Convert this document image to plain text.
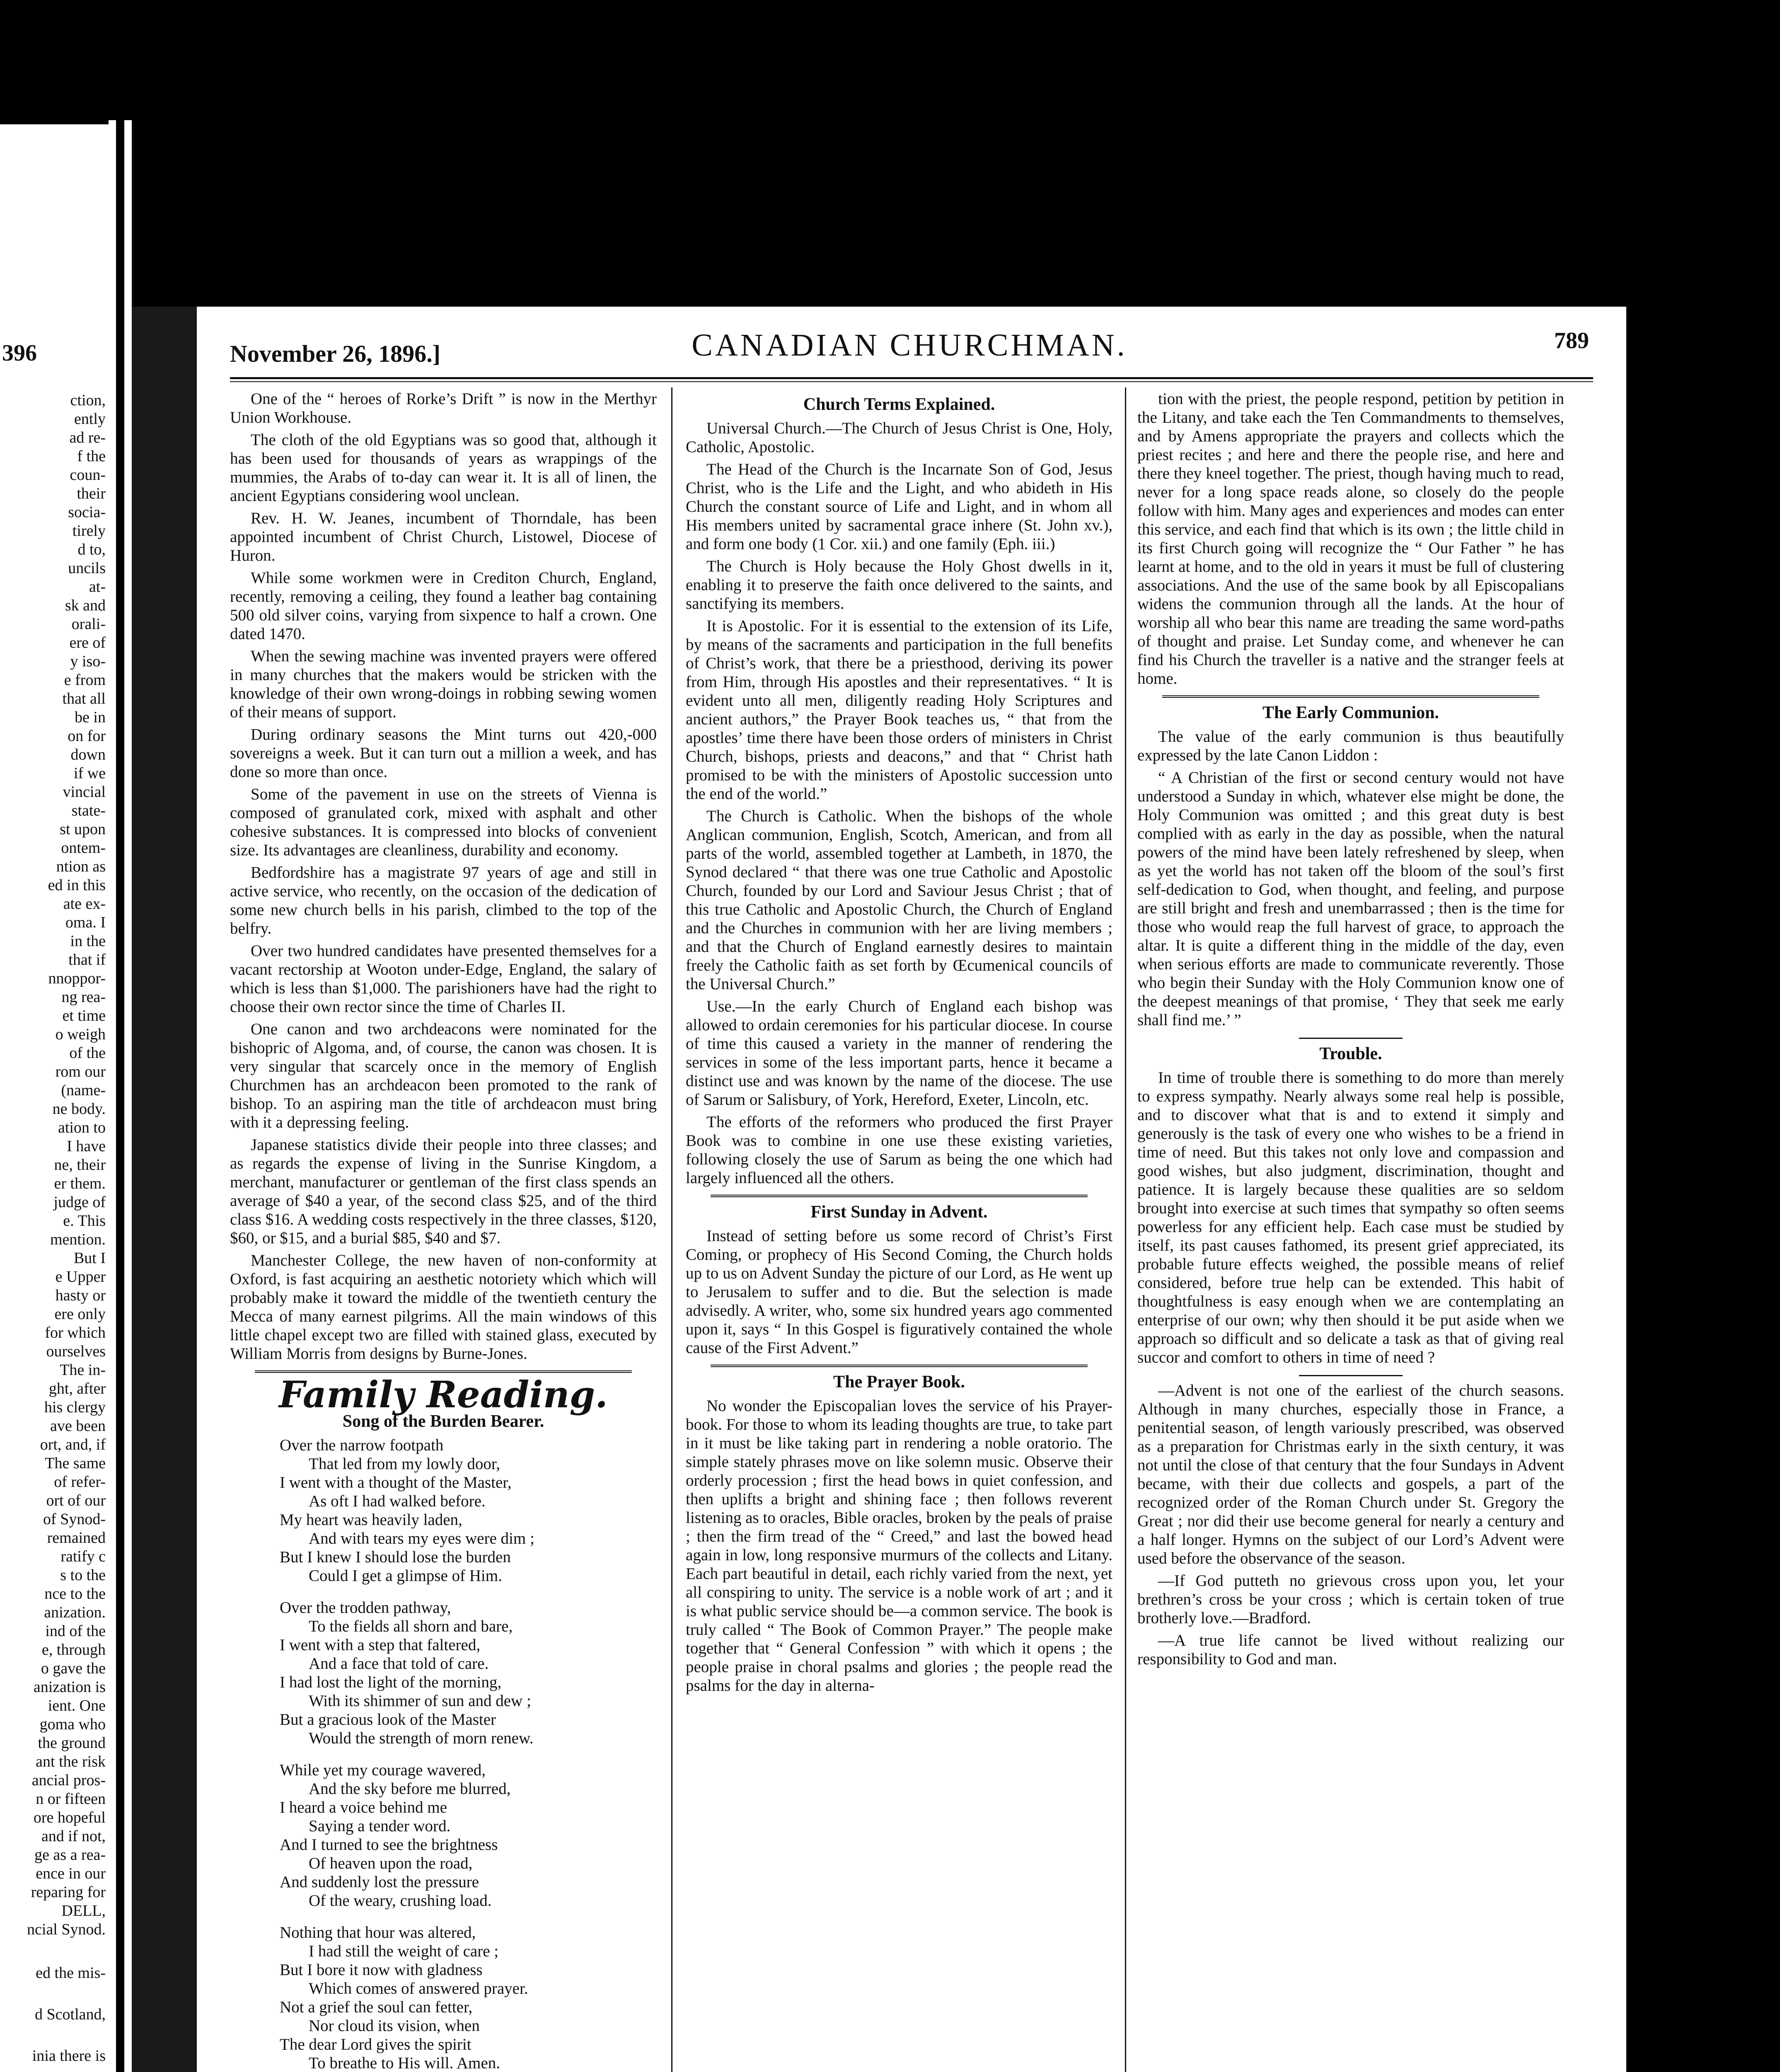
396
ction,
ently
ad re-
f the
coun-
their
socia-
tirely
d to,
uncils
at-
sk and
orali-
ere of
y iso-
e from
that all
be in
on for
down
if we
vincial
state-
st upon
ontem-
ntion as
ed in this
ate ex-
oma. I
in the
that if
nnoppor-
ng rea-
et time
o weigh
of the
rom our
(name-
ne body.
ation to
I have
ne, their
er them.
judge of
e. This
mention.
But I
e Upper
hasty or
ere only
for which
ourselves
The in-
ght, after
his clergy
ave been
ort, and, if
The same
of refer-
ort of our
of Synod-
remained
ratify c
s to the
nce to the
anization.
ind of the
e, through
o gave the
anization is
ient. One
goma who
the ground
ant the risk
ancial pros-
n or fifteen
ore hopeful
and if not,
ge as a rea-
ence in our
reparing for
DELL,
ncial Synod.
ed the mis-
d Scotland,
inia there is
November 26, 1896.]	CANADIAN CHURCHMAN.	789

One of the “ heroes of Rorke’s Drift ” is now in the Merthyr Union Workhouse.

The cloth of the old Egyptians was so good that, although it has been used for thousands of years as wrappings of the mummies, the Arabs of to-day can wear it. It is all of linen, the ancient Egyptians considering wool unclean.

Rev. H. W. Jeanes, incumbent of Thorndale, has been appointed incumbent of Christ Church, Listowel, Diocese of Huron.

While some workmen were in Crediton Church, England, recently, removing a ceiling, they found a leather bag containing 500 old silver coins, varying from sixpence to half a crown. One dated 1470.

When the sewing machine was invented prayers were offered in many churches that the makers would be stricken with the knowledge of their own wrong-doings in robbing sewing women of their means of support.

During ordinary seasons the Mint turns out 420,-000 sovereigns a week. But it can turn out a million a week, and has done so more than once.

Some of the pavement in use on the streets of Vienna is composed of granulated cork, mixed with asphalt and other cohesive substances. It is compressed into blocks of convenient size. Its advantages are cleanliness, durability and economy.

Bedfordshire has a magistrate 97 years of age and still in active service, who recently, on the occasion of the dedication of some new church bells in his parish, climbed to the top of the belfry.

Over two hundred candidates have presented themselves for a vacant rectorship at Wooton under-Edge, England, the salary of which is less than $1,000. The parishioners have had the right to choose their own rector since the time of Charles II.

One canon and two archdeacons were nominated for the bishopric of Algoma, and, of course, the canon was chosen. It is very singular that scarcely once in the memory of English Churchmen has an archdeacon been promoted to the rank of bishop. To an aspiring man the title of archdeacon must bring with it a depressing feeling.

Japanese statistics divide their people into three classes; and as regards the expense of living in the Sunrise Kingdom, a merchant, manufacturer or gentleman of the first class spends an average of $40 a year, of the second class $25, and of the third class $16. A wedding costs respectively in the three classes, $120, $60, or $15, and a burial $85, $40 and $7.

Manchester College, the new haven of non-conformity at Oxford, is fast acquiring an aesthetic notoriety which which will probably make it toward the middle of the twentieth century the Mecca of many earnest pilgrims. All the main windows of this little chapel except two are filled with stained glass, executed by William Morris from designs by Burne-Jones.

Family Reading.
Song of the Burden Bearer.
Over the narrow footpath
That led from my lowly door,
I went with a thought of the Master,
As oft I had walked before.
My heart was heavily laden,
And with tears my eyes were dim ;
But I knew I should lose the burden
Could I get a glimpse of Him.
Over the trodden pathway,
To the fields all shorn and bare,
I went with a step that faltered,
And a face that told of care.
I had lost the light of the morning,
With its shimmer of sun and dew ;
But a gracious look of the Master
Would the strength of morn renew.
While yet my courage wavered,
And the sky before me blurred,
I heard a voice behind me
Saying a tender word.
And I turned to see the brightness
Of heaven upon the road,
And suddenly lost the pressure
Of the weary, crushing load.
Nothing that hour was altered,
I had still the weight of care ;
But I bore it now with gladness
Which comes of answered prayer.
Not a grief the soul can fetter,
Nor cloud its vision, when
The dear Lord gives the spirit
To breathe to His will. Amen.
Church Terms Explained.

Universal Church.—The Church of Jesus Christ is One, Holy, Catholic, Apostolic.

The Head of the Church is the Incarnate Son of God, Jesus Christ, who is the Life and the Light, and who abideth in His Church the constant source of Life and Light, and in whom all His members united by sacramental grace inhere (St. John xv.), and form one body (1 Cor. xii.) and one family (Eph. iii.)

The Church is Holy because the Holy Ghost dwells in it, enabling it to preserve the faith once delivered to the saints, and sanctifying its members.

It is Apostolic. For it is essential to the extension of its Life, by means of the sacraments and participation in the full benefits of Christ’s work, that there be a priesthood, deriving its power from Him, through His apostles and their representatives. “ It is evident unto all men, diligently reading Holy Scriptures and ancient authors,” the Prayer Book teaches us, “ that from the apostles’ time there have been those orders of ministers in Christ Church, bishops, priests and deacons,” and that “ Christ hath promised to be with the ministers of Apostolic succession unto the end of the world.”

The Church is Catholic. When the bishops of the whole Anglican communion, English, Scotch, American, and from all parts of the world, assembled together at Lambeth, in 1870, the Synod declared “ that there was one true Catholic and Apostolic Church, founded by our Lord and Saviour Jesus Christ ; that of this true Catholic and Apostolic Church, the Church of England and the Churches in communion with her are living members ; and that the Church of England earnestly desires to maintain freely the Catholic faith as set forth by Œcumenical councils of the Universal Church.”

Use.—In the early Church of England each bishop was allowed to ordain ceremonies for his particular diocese. In course of time this caused a variety in the manner of rendering the services in some of the less important parts, hence it became a distinct use and was known by the name of the diocese. The use of Sarum or Salisbury, of York, Hereford, Exeter, Lincoln, etc.

The efforts of the reformers who produced the first Prayer Book was to combine in one use these existing varieties, following closely the use of Sarum as being the one which had largely influenced all the others.

First Sunday in Advent.

Instead of setting before us some record of Christ’s First Coming, or prophecy of His Second Coming, the Church holds up to us on Advent Sunday the picture of our Lord, as He went up to Jerusalem to suffer and to die. But the selection is made advisedly. A writer, who, some six hundred years ago commented upon it, says “ In this Gospel is figuratively contained the whole cause of the First Advent.”

The Prayer Book.

No wonder the Episcopalian loves the service of his Prayer-book. For those to whom its leading thoughts are true, to take part in it must be like taking part in rendering a noble oratorio. The simple stately phrases move on like solemn music. Observe their orderly procession ; first the head bows in quiet confession, and then uplifts a bright and shining face ; then follows reverent listening as to oracles, Bible oracles, broken by the peals of praise ; then the firm tread of the “ Creed,” and last the bowed head again in low, long responsive murmurs of the collects and Litany. Each part beautiful in detail, each richly varied from the next, yet all conspiring to unity. The service is a noble work of art ; and it is what public service should be—a common service. The book is truly called “ The Book of Common Prayer.” The people make together that “ General Confession ” with which it opens ; the people praise in choral psalms and glories ; the people read the psalms for the day in alterna-

tion with the priest, the people respond, petition by petition in the Litany, and take each the Ten Commandments to themselves, and by Amens appropriate the prayers and collects which the priest recites ; and here and there the people rise, and here and there they kneel together. The priest, though having much to read, never for a long space reads alone, so closely do the people follow with him. Many ages and experiences and modes can enter this service, and each find that which is its own ; the little child in its first Church going will recognize the “ Our Father ” he has learnt at home, and to the old in years it must be full of clustering associations. And the use of the same book by all Episcopalians widens the communion through all the lands. At the hour of worship all who bear this name are treading the same word-paths of thought and praise. Let Sunday come, and whenever he can find his Church the traveller is a native and the stranger feels at home.

The Early Communion.

The value of the early communion is thus beautifully expressed by the late Canon Liddon :

“ A Christian of the first or second century would not have understood a Sunday in which, whatever else might be done, the Holy Communion was omitted ; and this great duty is best complied with as early in the day as possible, when the natural powers of the mind have been lately refreshened by sleep, when as yet the world has not taken off the bloom of the soul’s first self-dedication to God, when thought, and feeling, and purpose are still bright and fresh and unembarrassed ; then is the time for those who would reap the full harvest of grace, to approach the altar. It is quite a different thing in the middle of the day, even when serious efforts are made to communicate reverently. Those who begin their Sunday with the Holy Communion know one of the deepest meanings of that promise, ‘ They that seek me early shall find me.’ ”

Trouble.

In time of trouble there is something to do more than merely to express sympathy. Nearly always some real help is possible, and to discover what that is and to extend it simply and generously is the task of every one who wishes to be a friend in time of need. But this takes not only love and compassion and good wishes, but also judgment, discrimination, thought and patience. It is largely because these qualities are so seldom brought into exercise at such times that sympathy so often seems powerless for any efficient help. Each case must be studied by itself, its past causes fathomed, its present grief appreciated, its probable future effects weighed, the possible means of relief considered, before true help can be extended. This habit of thoughtfulness is easy enough when we are contemplating an enterprise of our own; why then should it be put aside when we approach so difficult and so delicate a task as that of giving real succor and comfort to others in time of need ?

—Advent is not one of the earliest of the church seasons. Although in many churches, especially those in France, a penitential season, of length variously prescribed, was observed as a preparation for Christmas early in the sixth century, it was not until the close of that century that the four Sundays in Advent became, with their due collects and gospels, a part of the recognized order of the Roman Church under St. Gregory the Great ; nor did their use become general for nearly a century and a half longer. Hymns on the subject of our Lord’s Advent were used before the observance of the season.

—If God putteth no grievous cross upon you, let your brethren’s cross be your cross ; which is certain token of true brotherly love.—Bradford.

—A true life cannot be lived without realizing our responsibility to God and man.
